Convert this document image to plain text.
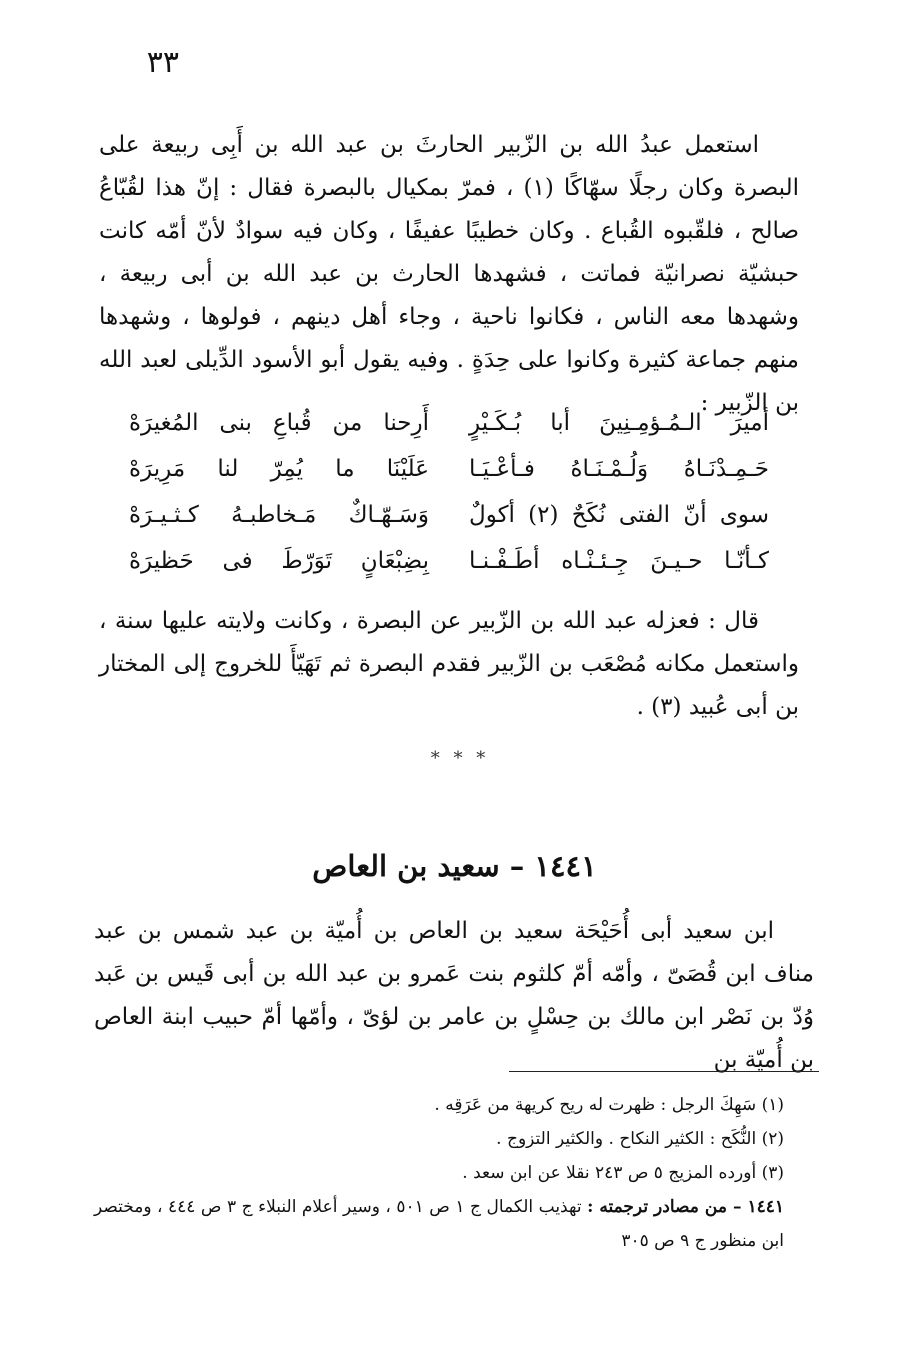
٣٣

استعمل عبدُ الله بن الزّبير الحارثَ بن عبد الله بن أَبِى ربيعة على البصرة وكان رجلًا سهّاكًا (١) ، فمرّ بمكيال بالبصرة فقال : إنّ هذا لقُبّاعُ صالح ، فلقّبوه القُباع . وكان خطيبًا عفيفًا ، وكان فيه سوادٌ لأنّ أمّه كانت حبشيّة نصرانيّة فماتت ، فشهدها الحارث بن عبد الله بن أبى ربيعة ، وشهدها معه الناس ، فكانوا ناحية ، وجاء أهل دينهم ، فولوها ، وشهدها منهم جماعة كثيرة وكانوا على حِدَةٍ . وفيه يقول أبو الأسود الدِّيلى لعبد الله بن الزّبير :

أميرَ الـمُـؤمِـنِينَ أبا بُـكَـيْرٍ
أَرِحنا من قُباعِ بنى المُغيرَهْ
حَـمِـدْنَـاهُ وَلُـمْـنَـاهُ فـأعْـيَـا
عَلَيْنَا ما يُمِرّ لنا مَرِيرَهْ
سوى أنّ الفتى نُكَحٌ (٢) أكولٌ
وَسَـهّـاكٌ مَـخاطبـهُ كـثـيـرَهْ
كـأنّـا حـيـنَ جِـئـنْـاه أطَـفْـنـا
بِضِبْعَانٍ تَوَرّطَ فى حَظيرَهْ

قال : فعزله عبد الله بن الزّبير عن البصرة ، وكانت ولايته عليها سنة ، واستعمل مكانه مُصْعَب بن الزّبير فقدم البصرة ثم تَهَيّأَ للخروج إلى المختار بن أبى عُبيد (٣) .

* * *
١٤٤١ – سعيد بن العاص

ابن سعيد أبى أُحَيْحَة سعيد بن العاص بن أُميّة بن عبد شمس بن عبد مناف ابن قُصَىّ ، وأمّه أمّ كلثوم بنت عَمرو بن عبد الله بن أبى قَيس بن عَبد وُدّ بن نَصْر ابن مالك بن حِسْلٍ بن عامر بن لؤىّ ، وأمّها أمّ حبيب ابنة العاص بن أُميّة بن

(١) سَهِكَ الرجل : ظهرت له ريح كريهة من عَرَقِه .

(٢) النُّكَح : الكثير النكاح . والكثير التزوج .

(٣) أورده المزيج ٥ ص ٢٤٣ نقلا عن ابن سعد .

١٤٤١ – من مصادر ترجمته : تهذيب الكمال ج ١ ص ٥٠١ ، وسير أعلام النبلاء ج ٣ ص ٤٤٤ ، ومختصر ابن منظور ج ٩ ص ٣٠٥
